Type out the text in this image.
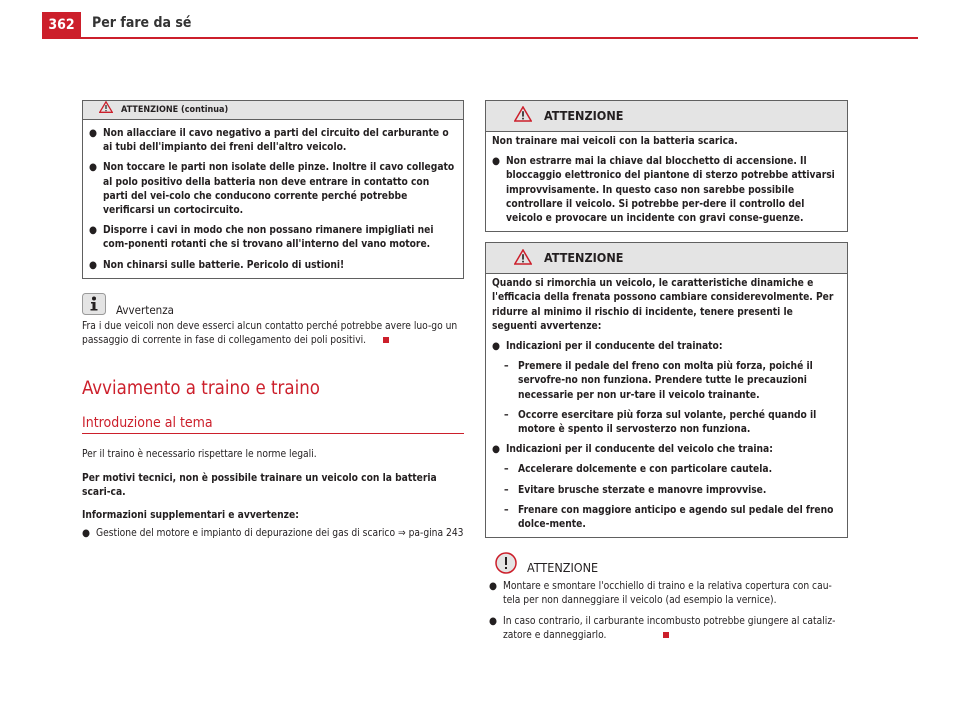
362	Per fare da sé
ATTENZIONE (continua)
● Non allacciare il cavo negativo a parti del circuito del carburante o ai tubi dell'impianto dei freni dell'altro veicolo.
● Non toccare le parti non isolate delle pinze. Inoltre il cavo collegato al polo positivo della batteria non deve entrare in contatto con parti del vei-colo che conducono corrente perché potrebbe verificarsi un cortocircuito.
● Disporre i cavi in modo che non possano rimanere impigliati nei com-ponenti rotanti che si trovano all'interno del vano motore.
● Non chinarsi sulle batterie. Pericolo di ustioni!
Avvertenza

Fra i due veicoli non deve esserci alcun contatto perché potrebbe avere luo-go un passaggio di corrente in fase di collegamento dei poli positivi.

Avviamento a traino e traino
Introduzione al tema

Per il traino è necessario rispettare le norme legali.

Per motivi tecnici, non è possibile trainare un veicolo con la batteria scari-ca.

Informazioni supplementari e avvertenze:

● Gestione del motore e impianto di depurazione dei gas di scarico ⇒ pa-gina 243
ATTENZIONE

Non trainare mai veicoli con la batteria scarica.

● Non estrarre mai la chiave dal blocchetto di accensione. Il bloccaggio elettronico del piantone di sterzo potrebbe attivarsi improvvisamente. In questo caso non sarebbe possibile controllare il veicolo. Si potrebbe per-dere il controllo del veicolo e provocare un incidente con gravi conse-guenze.
ATTENZIONE

Quando si rimorchia un veicolo, le caratteristiche dinamiche e l'efficacia della frenata possono cambiare considerevolmente. Per ridurre al minimo il rischio di incidente, tenere presenti le seguenti avvertenze:

● Indicazioni per il conducente del trainato:
– Premere il pedale del freno con molta più forza, poiché il servofre-no non funziona. Prendere tutte le precauzioni necessarie per non ur-tare il veicolo trainante.
– Occorre esercitare più forza sul volante, perché quando il motore è spento il servosterzo non funziona.
● Indicazioni per il conducente del veicolo che traina:
– Accelerare dolcemente e con particolare cautela.
– Evitare brusche sterzate e manovre improvvise.
– Frenare con maggiore anticipo e agendo sul pedale del freno dolce-mente.
ATTENZIONE
● Montare e smontare l'occhiello di traino e la relativa copertura con cau-tela per non danneggiare il veicolo (ad esempio la vernice).
● In caso contrario, il carburante incombusto potrebbe giungere al cataliz-zatore e danneggiarlo.
